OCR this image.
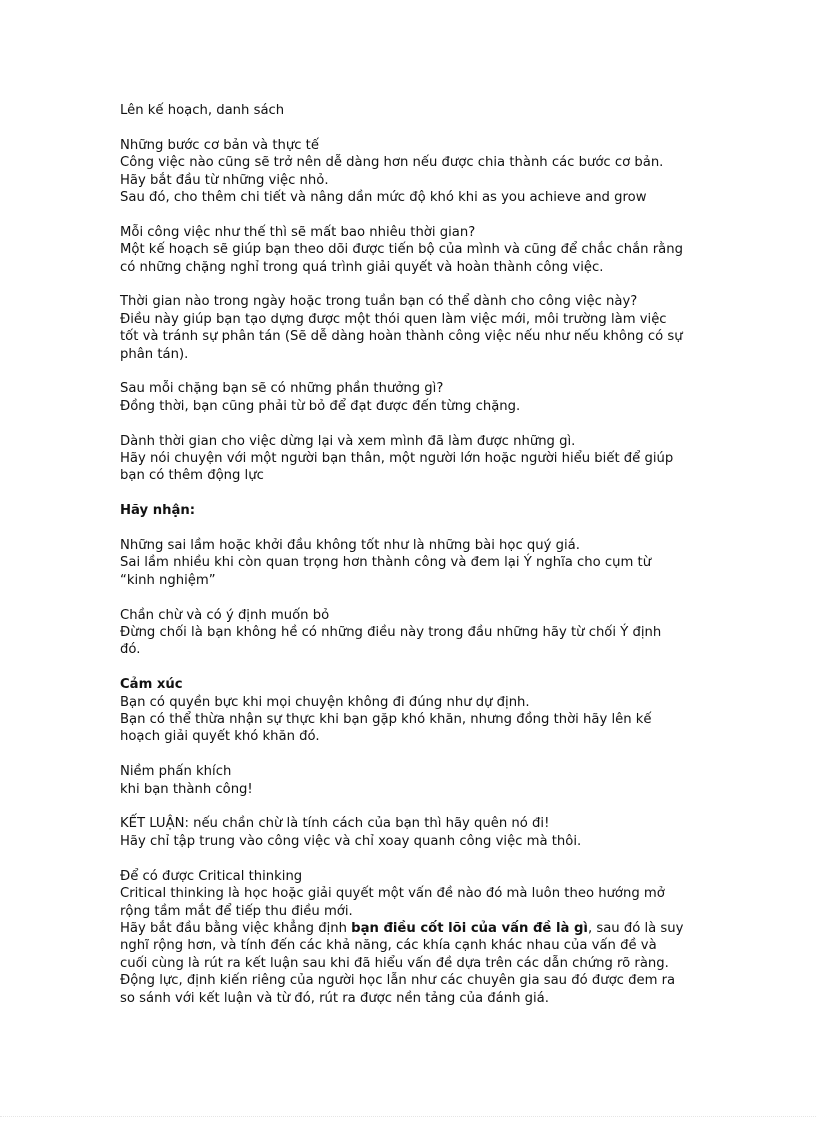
Lên kế hoạch, danh sách
Những bước cơ bản và thực tế
Công việc nào cũng sẽ trở nên dễ dàng hơn nếu được chia thành các bước cơ bản.
Hãy bắt đầu từ những việc nhỏ.
Sau đó, cho thêm chi tiết và nâng dần mức độ khó khi as you achieve and grow
Mỗi công việc như thế thì sẽ mất bao nhiêu thời gian?
Một kế hoạch sẽ giúp bạn theo dõi được tiến bộ của mình và cũng để chắc chắn rằng
có những chặng nghỉ trong quá trình giải quyết và hoàn thành công việc.
Thời gian nào trong ngày hoặc trong tuần bạn có thể dành cho công việc này?
Điều này giúp bạn tạo dựng được một thói quen làm việc mới, môi trường làm việc
tốt và tránh sự phân tán (Sẽ dễ dàng hoàn thành công việc nếu như nếu không có sự
phân tán).
Sau mỗi chặng bạn sẽ có những phần thưởng gì?
Đồng thời, bạn cũng phải từ bỏ để đạt được đến từng chặng.
Dành thời gian cho việc dừng lại và xem mình đã làm được những gì.
Hãy nói chuyện với một người bạn thân, một người lớn hoặc người hiểu biết để giúp
bạn có thêm động lực
Hãy nhận:
Những sai lầm hoặc khởi đầu không tốt như là những bài học quý giá.
Sai lầm nhiều khi còn quan trọng hơn thành công và đem lại Ý nghĩa cho cụm từ
“kinh nghiệm”
Chần chừ và có ý định muốn bỏ
Đừng chối là bạn không hề có những điều này trong đầu những hãy từ chối Ý định
đó.
Cảm xúc
Bạn có quyền bực khi mọi chuyện không đi đúng như dự định.
Bạn có thể thừa nhận sự thực khi bạn gặp khó khăn, nhưng đồng thời hãy lên kế
hoạch giải quyết khó khăn đó.
Niềm phấn khích
khi bạn thành công!
KẾT LUẬN: nếu chần chừ là tính cách của bạn thì hãy quên nó đi!
Hãy chỉ tập trung vào công việc và chỉ xoay quanh công việc mà thôi.
Để có được Critical thinking
Critical thinking là học hoặc giải quyết một vấn đề nào đó mà luôn theo hướng mở
rộng tầm mắt để tiếp thu điều mới.
Hãy bắt đầu bằng việc khẳng định bạn điều cốt lõi của vấn đề là gì, sau đó là suy
nghĩ rộng hơn, và tính đến các khả năng, các khía cạnh khác nhau của vấn đề và
cuối cùng là rút ra kết luận sau khi đã hiểu vấn đề dựa trên các dẫn chứng rõ ràng.
Động lực, định kiến riêng của người học lẫn như các chuyên gia sau đó được đem ra
so sánh với kết luận và từ đó, rút ra được nền tảng của đánh giá.
